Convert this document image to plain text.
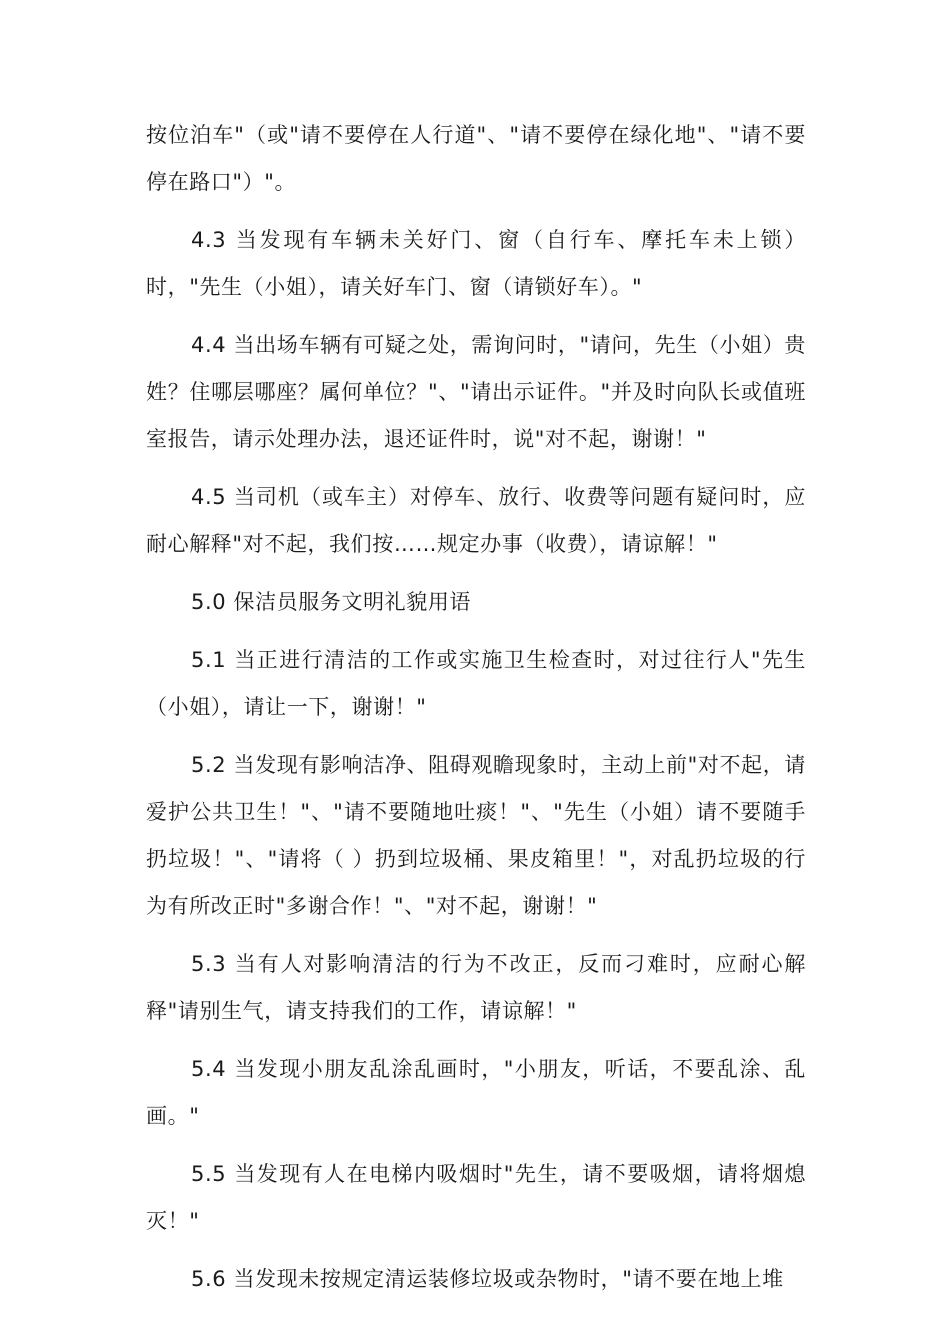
按位泊车"（或"请不要停在人行道"、"请不要停在绿化地"、"请不要停在路口"）"。

4.3 当发现有车辆未关好门、窗（自行车、摩托车未上锁）时，"先生（小姐），请关好车门、窗（请锁好车）。"

4.4 当出场车辆有可疑之处，需询问时，"请问，先生（小姐）贵姓？住哪层哪座？属何单位？"、"请出示证件。"并及时向队长或值班室报告，请示处理办法，退还证件时，说"对不起，谢谢！"

4.5 当司机（或车主）对停车、放行、收费等问题有疑问时，应耐心解释"对不起，我们按……规定办事（收费），请谅解！"

5.0 保洁员服务文明礼貌用语

5.1 当正进行清洁的工作或实施卫生检查时，对过往行人"先生（小姐），请让一下，谢谢！"

5.2 当发现有影响洁净、阻碍观瞻现象时，主动上前"对不起，请爱护公共卫生！"、"请不要随地吐痰！"、"先生（小姐）请不要随手扔垃圾！"、"请将（ ）扔到垃圾桶、果皮箱里！"，对乱扔垃圾的行为有所改正时"多谢合作！"、"对不起，谢谢！"

5.3 当有人对影响清洁的行为不改正，反而刁难时，应耐心解释"请别生气，请支持我们的工作，请谅解！"

5.4 当发现小朋友乱涂乱画时，"小朋友，听话，不要乱涂、乱画。"

5.5 当发现有人在电梯内吸烟时"先生，请不要吸烟，请将烟熄灭！"

5.6 当发现未按规定清运装修垃圾或杂物时，"请不要在地上堆
